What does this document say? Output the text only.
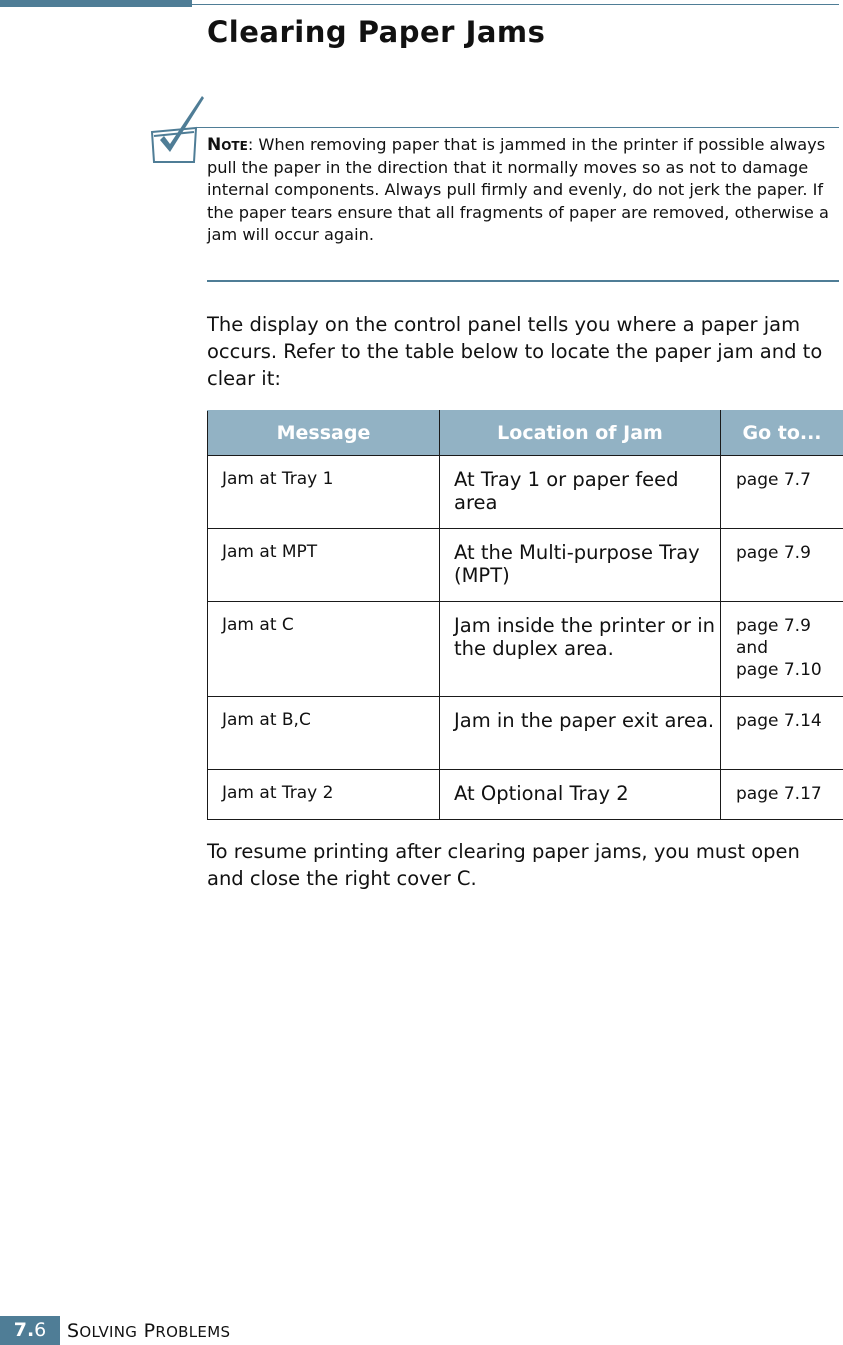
Clearing Paper Jams

Note: When removing paper that is jammed in the printer if possible always pull the paper in the direction that it normally moves so as not to damage internal components. Always pull firmly and evenly, do not jerk the paper. If the paper tears ensure that all fragments of paper are removed, otherwise a jam will occur again.

The display on the control panel tells you where a paper jam occurs. Refer to the table below to locate the paper jam and to clear it:

Message	Location of Jam	Go to...
Jam at Tray 1	At Tray 1 or paper feed area	page 7.7
Jam at MPT	At the Multi-purpose Tray (MPT)	page 7.9
Jam at C	Jam inside the printer or in the duplex area.	page 7.9
and
page 7.10
Jam at B,C	Jam in the paper exit area.	page 7.14
Jam at Tray 2	At Optional Tray 2	page 7.17

To resume printing after clearing paper jams, you must open and close the right cover C.

7.6	SOLVING PROBLEMS
